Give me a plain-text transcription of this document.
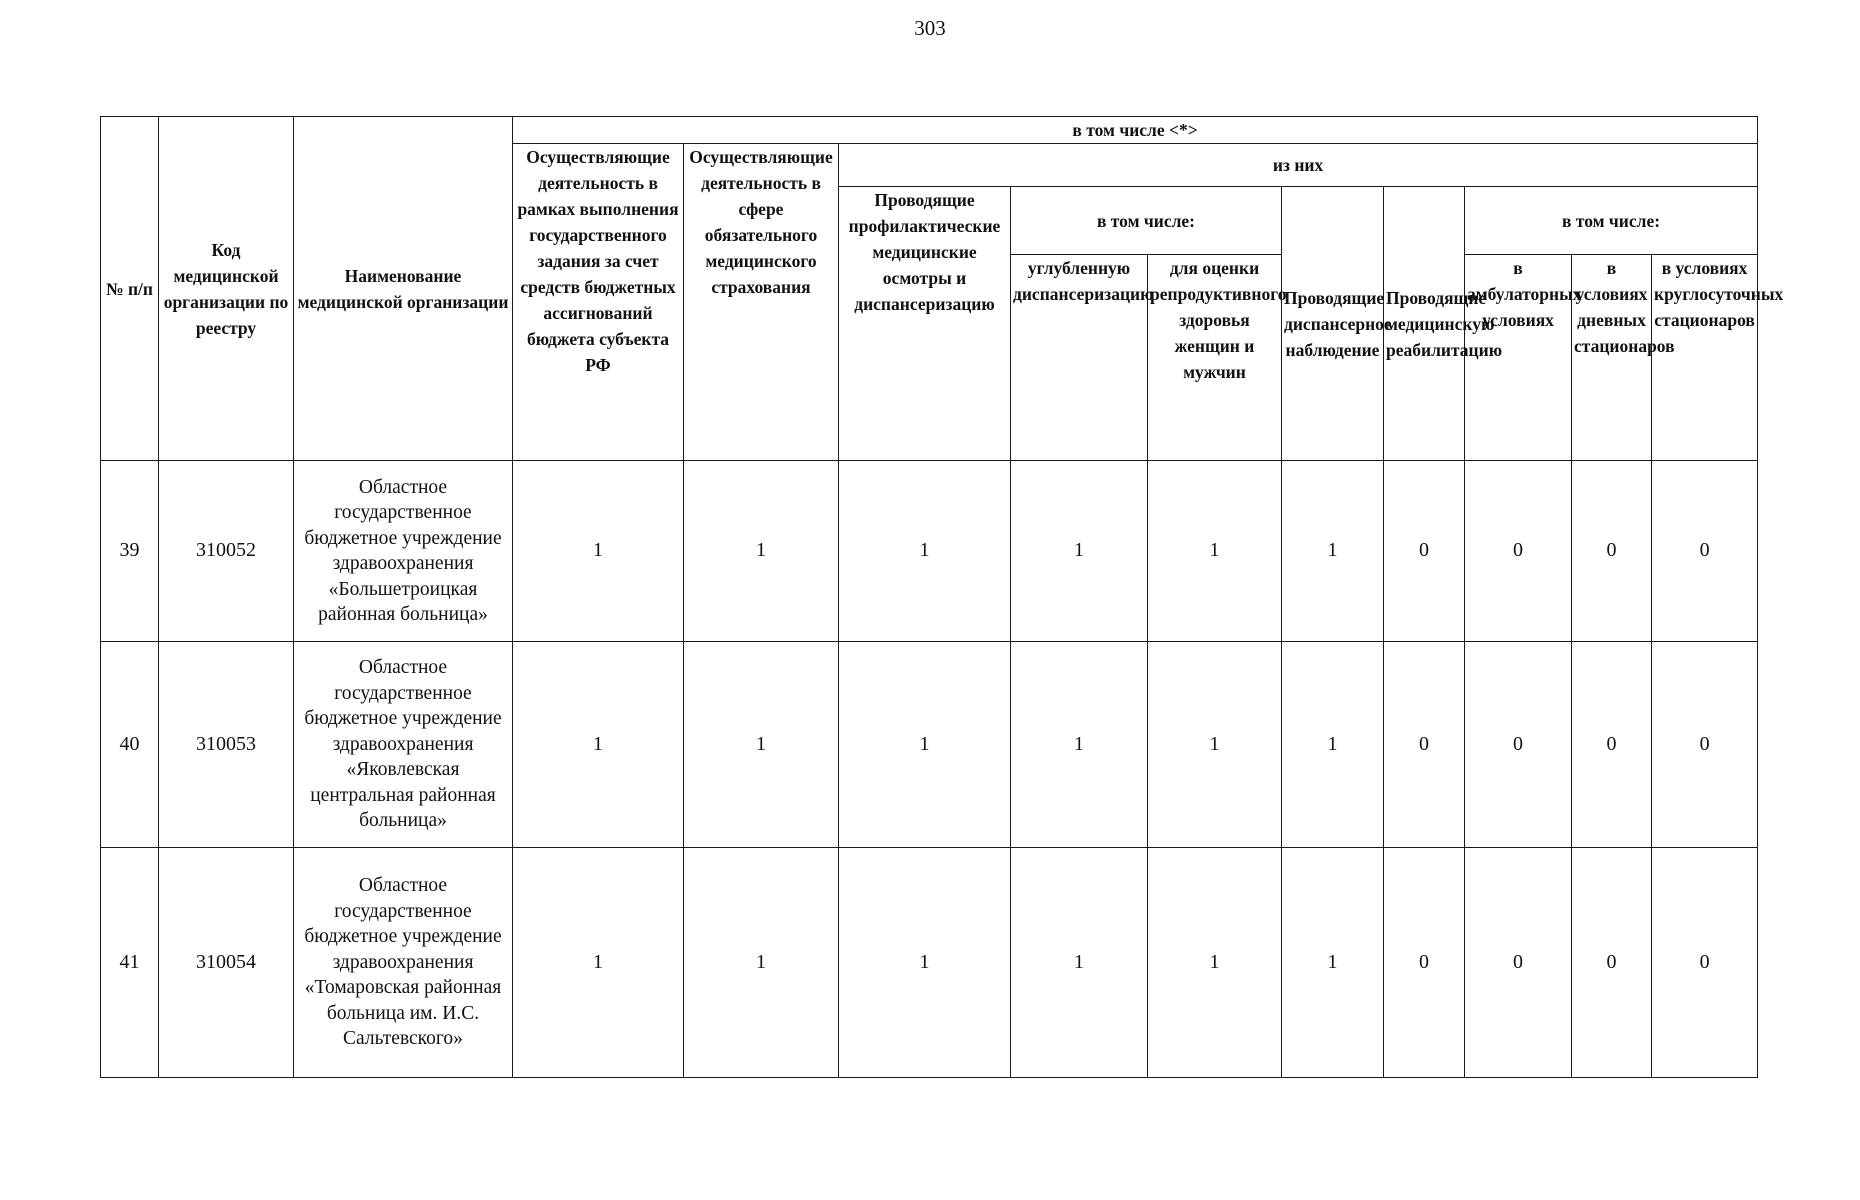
303
№ п/п	Код медицинской организации по реестру	Наименование медицинской организации	в том числе <*>									
			Осуществляющие деятельность в рамках выполнения государственного задания за счет средств бюджетных ассигнований бюджета субъекта РФ	Осуществляющие деятельность в сфере обязательного медицинского страхования	из них							
					Проводящие профилактические медицинские осмотры и диспансеризацию	в том числе:		Проводящие диспансерное наблюдение	Проводящие медицинскую реабилитацию	в том числе:		
						углубленную диспансеризацию	для оценки репродуктивного здоровья женщин и мужчин			в амбулаторных условиях	в условиях дневных стационаров	в условиях круглосуточных стационаров
39	310052	Областное государственное бюджетное учреждение здравоохранения «Большетроицкая районная больница»	1	1	1	1	1	1	0	0	0	0
40	310053	Областное государственное бюджетное учреждение здравоохранения «Яковлевская центральная районная больница»	1	1	1	1	1	1	0	0	0	0
41	310054	Областное государственное бюджетное учреждение здравоохранения «Томаровская районная больница им. И.С. Сальтевского»	1	1	1	1	1	1	0	0	0	0
